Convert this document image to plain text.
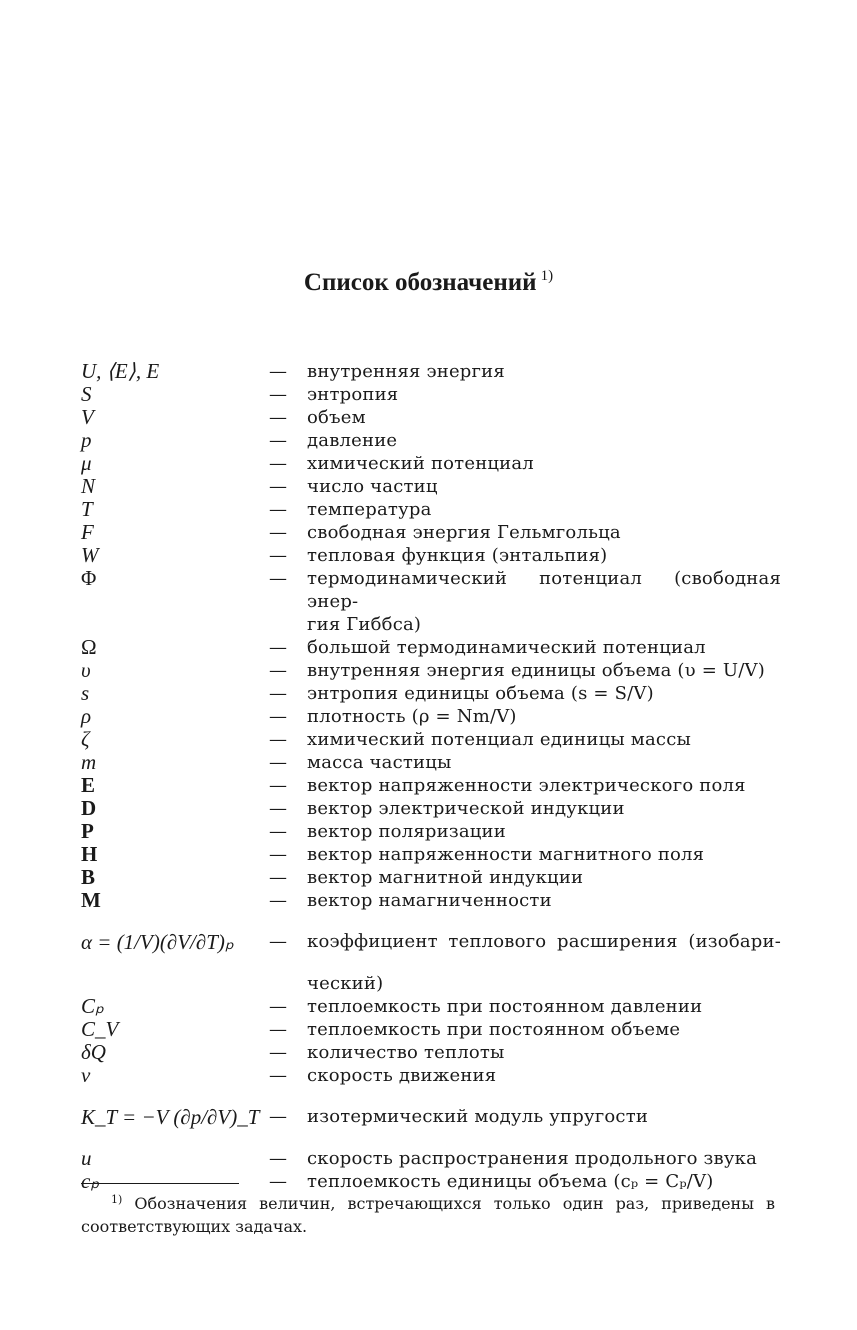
Список обозначений $^{1)}$
U, ⟨E⟩, E	—	внутренняя энергия
S	—	энтропия
V	—	объем
p	—	давление
μ	—	химический потенциал
N	—	число частиц
T	—	температура
F	—	свободная энергия Гельмгольца
W	—	тепловая функция (энтальпия)
Φ	—	термодинамический потенциал (свободная энер-
гия Гиббса)
Ω	—	большой термодинамический потенциал
υ	—	внутренняя энергия единицы объема (υ = U/V)
s	—	энтропия единицы объема (s = S/V)
ρ	—	плотность (ρ = Nm/V)
ζ	—	химический потенциал единицы массы
m	—	масса частицы
E	—	вектор напряженности электрического поля
D	—	вектор электрической индукции
P	—	вектор поляризации
H	—	вектор напряженности магнитного поля
B	—	вектор магнитной индукции
M	—	вектор намагниченности
α = (1/V)(∂V/∂T)ₚ	—	коэффициент теплового расширения (изобари-
ческий)
Cₚ	—	теплоемкость при постоянном давлении
C_V	—	теплоемкость при постоянном объеме
δQ	—	количество теплоты
v	—	скорость движения
K_T = −V (∂p/∂V)_T —	изотермический модуль упругости
u	—	скорость распространения продольного звука
cₚ	—	теплоемкость единицы объема (cₚ = Cₚ/V)
$^{1)}$ Обозначения величин, встречающихся только один раз, приведены в соответствующих задачах.
